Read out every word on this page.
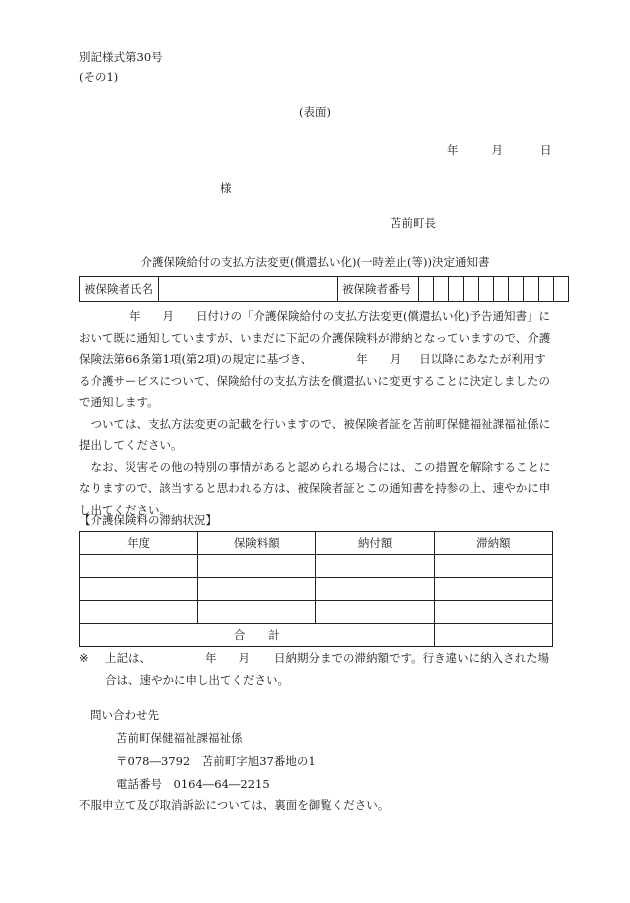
別記様式第30号
(その1)
(表面)
年	月	日
様
苫前町長
介護保険給付の支払方法変更(償還払い化)(一時差止(等))決定通知書
被保険者氏名		被保険者番号										

年 月 日付けの「介護保険給付の支払方法変更(償還払い化)予告通知書」において既に通知していますが、いまだに下記の介護保険料が滞納となっていますので、介護保険法第66条第1項(第2項)の規定に基づき、	年 月 日以降にあなたが利用する介護サービスについて、保険給付の支払方法を償還払いに変更することに決定しましたので通知します。

ついては、支払方法変更の記載を行いますので、被保険者証を苫前町保健福祉課福祉係に提出してください。

なお、災害その他の特別の事情があると認められる場合には、この措置を解除することになりますので、該当すると思われる方は、被保険者証とこの通知書を持参の上、速やかに申し出てください。

【介護保険料の滞納状況】
年度	保険料額	納付額	滞納額

合　　計			
※	上記は、	年 月 日納期分までの滞納額です。行き違いに納入された場合は、速やかに申し出てください。
問い合わせ先
苫前町保健福祉課福祉係
〒078―3792　苫前町字旭37番地の1
電話番号　0164―64―2215
不服申立て及び取消訴訟については、裏面を御覧ください。
